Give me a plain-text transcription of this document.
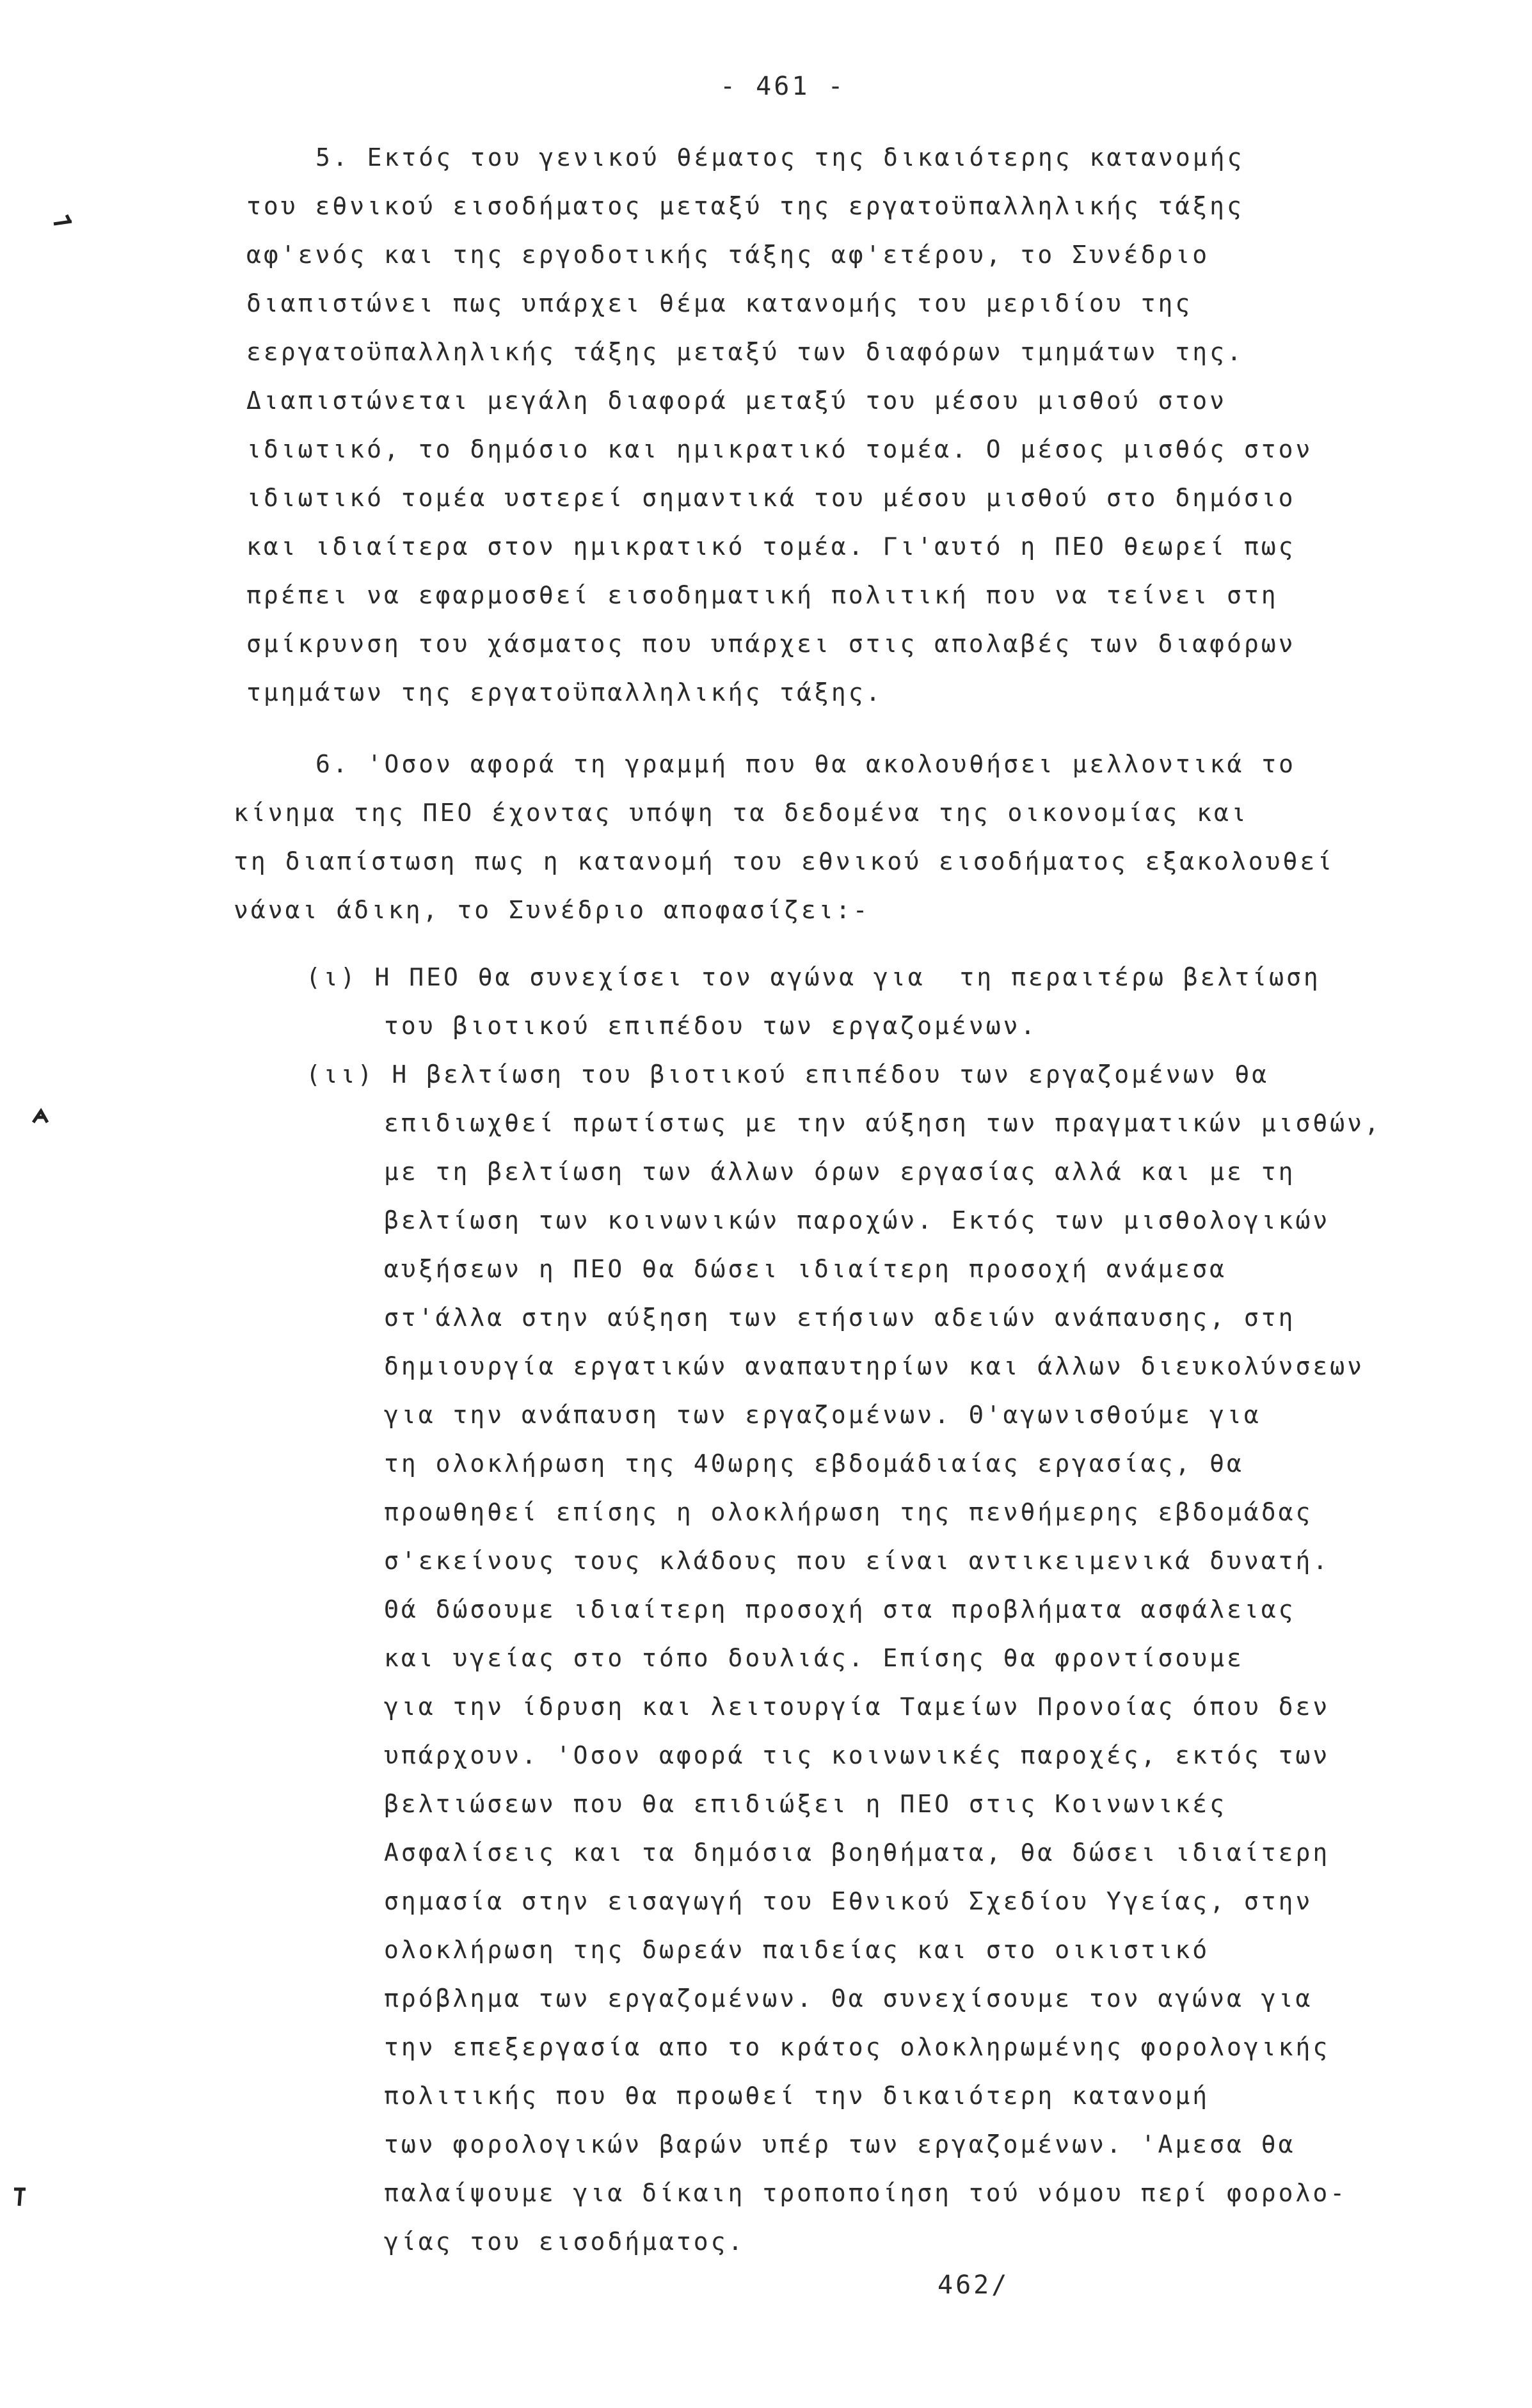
- 461 -
5. Εκτός του γενικού θέματος της δικαιότερης κατανομής
του εθνικού εισοδήματος μεταξύ της εργατοϋπαλληλικής τάξης
αφ'ενός και της εργοδοτικής τάξης αφ'ετέρου, το Συνέδριο
διαπιστώνει πως υπάρχει θέμα κατανομής του μεριδίου της
εεργατοϋπαλληλικής τάξης μεταξύ των διαφόρων τμημάτων της.
Διαπιστώνεται μεγάλη διαφορά μεταξύ του μέσου μισθού στον
ιδιωτικό, το δημόσιο και ημικρατικό τομέα. Ο μέσος μισθός στον
ιδιωτικό τομέα υστερεί σημαντικά του μέσου μισθού στο δημόσιο
και ιδιαίτερα στον ημικρατικό τομέα. Γι'αυτό η ΠΕΟ θεωρεί πως
πρέπει να εφαρμοσθεί εισοδηματική πολιτική που να τείνει στη
σμίκρυνση του χάσματος που υπάρχει στις απολαβές των διαφόρων
τμημάτων της εργατοϋπαλληλικής τάξης.
6. 'Οσον αφορά τη γραμμή που θα ακολουθήσει μελλοντικά το
κίνημα της ΠΕΟ έχοντας υπόψη τα δεδομένα της οικονομίας και
τη διαπίστωση πως η κατανομή του εθνικού εισοδήματος εξακολουθεί
νάναι άδικη, το Συνέδριο αποφασίζει:-
(ι) Η ΠΕΟ θα συνεχίσει τον αγώνα για  τη περαιτέρω βελτίωση
του βιοτικού επιπέδου των εργαζομένων.
(ιι) Η βελτίωση του βιοτικού επιπέδου των εργαζομένων θα
επιδιωχθεί πρωτίστως με την αύξηση των πραγματικών μισθών,
με τη βελτίωση των άλλων όρων εργασίας αλλά και με τη
βελτίωση των κοινωνικών παροχών. Εκτός των μισθολογικών
αυξήσεων η ΠΕΟ θα δώσει ιδιαίτερη προσοχή ανάμεσα
στ'άλλα στην αύξηση των ετήσιων αδειών ανάπαυσης, στη
δημιουργία εργατικών αναπαυτηρίων και άλλων διευκολύνσεων
για την ανάπαυση των εργαζομένων. Θ'αγωνισθούμε για
τη ολοκλήρωση της 40ωρης εβδομάδιαίας εργασίας, θα
προωθηθεί επίσης η ολοκλήρωση της πενθήμερης εβδομάδας
σ'εκείνους τους κλάδους που είναι αντικειμενικά δυνατή.
Θά δώσουμε ιδιαίτερη προσοχή στα προβλήματα ασφάλειας
και υγείας στο τόπο δουλιάς. Επίσης θα φροντίσουμε
για την ίδρυση και λειτουργία Ταμείων Προνοίας όπου δεν
υπάρχουν. 'Οσον αφορά τις κοινωνικές παροχές, εκτός των
βελτιώσεων που θα επιδιώξει η ΠΕΟ στις Κοινωνικές
Ασφαλίσεις και τα δημόσια βοηθήματα, θα δώσει ιδιαίτερη
σημασία στην εισαγωγή του Εθνικού Σχεδίου Υγείας, στην
ολοκλήρωση της δωρεάν παιδείας και στο οικιστικό
πρόβλημα των εργαζομένων. Θα συνεχίσουμε τον αγώνα για
την επεξεργασία απο το κράτος ολοκληρωμένης φορολογικής
πολιτικής που θα προωθεί την δικαιότερη κατανομή
των φορολογικών βαρών υπέρ των εργαζομένων. 'Αμεσα θα
παλαίψουμε για δίκαιη τροποποίηση τού νόμου περί φορολο-
γίας του εισοδήματος.
462/
